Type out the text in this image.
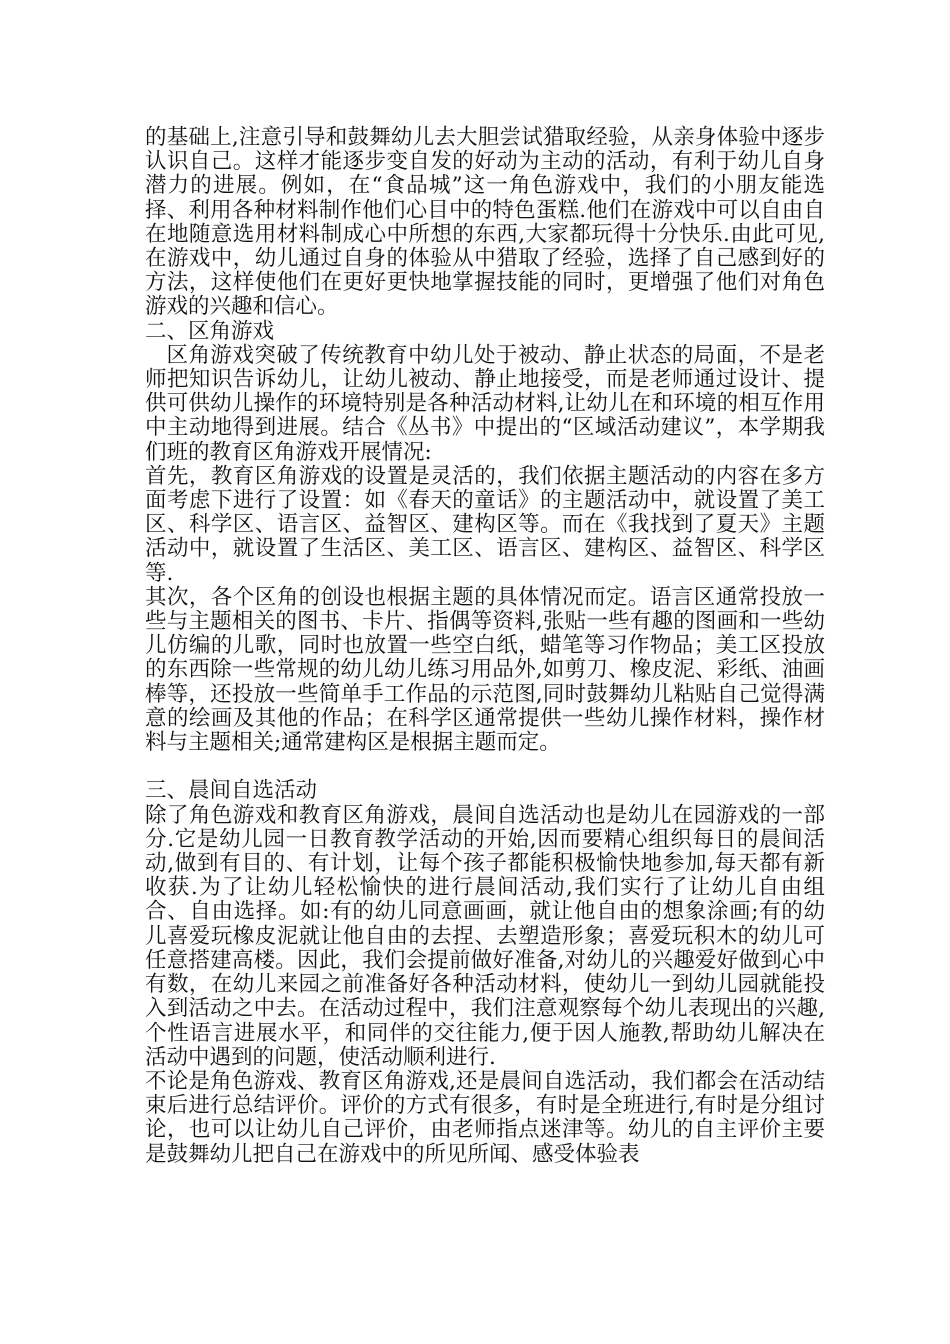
的基础上,注意引导和鼓舞幼儿去大胆尝试猎取经验，从亲身体验中逐步认识自己。这样才能逐步变自发的好动为主动的活动，有利于幼儿自身潜力的进展。例如，在“食品城”这一角色游戏中，我们的小朋友能选择、利用各种材料制作他们心目中的特色蛋糕.他们在游戏中可以自由自在地随意选用材料制成心中所想的东西,大家都玩得十分快乐.由此可见,在游戏中，幼儿通过自身的体验从中猎取了经验，选择了自己感到好的方法，这样使他们在更好更快地掌握技能的同时，更增强了他们对角色游戏的兴趣和信心。

二、区角游戏

区角游戏突破了传统教育中幼儿处于被动、静止状态的局面，不是老师把知识告诉幼儿，让幼儿被动、静止地接受，而是老师通过设计、提供可供幼儿操作的环境特别是各种活动材料,让幼儿在和环境的相互作用中主动地得到进展。结合《丛书》中提出的“区域活动建议”，本学期我们班的教育区角游戏开展情况:

首先，教育区角游戏的设置是灵活的，我们依据主题活动的内容在多方面考虑下进行了设置：如《春天的童话》的主题活动中，就设置了美工区、科学区、语言区、益智区、建构区等。而在《我找到了夏天》主题活动中，就设置了生活区、美工区、语言区、建构区、益智区、科学区等.

其次，各个区角的创设也根据主题的具体情况而定。语言区通常投放一些与主题相关的图书、卡片、指偶等资料,张贴一些有趣的图画和一些幼儿仿编的儿歌，同时也放置一些空白纸，蜡笔等习作物品；美工区投放的东西除一些常规的幼儿幼儿练习用品外,如剪刀、橡皮泥、彩纸、油画棒等，还投放一些简单手工作品的示范图,同时鼓舞幼儿粘贴自己觉得满意的绘画及其他的作品；在科学区通常提供一些幼儿操作材料，操作材料与主题相关;通常建构区是根据主题而定。

三、晨间自选活动

除了角色游戏和教育区角游戏，晨间自选活动也是幼儿在园游戏的一部分.它是幼儿园一日教育教学活动的开始,因而要精心组织每日的晨间活动,做到有目的、有计划，让每个孩子都能积极愉快地参加,每天都有新收获.为了让幼儿轻松愉快的进行晨间活动,我们实行了让幼儿自由组合、自由选择。如:有的幼儿同意画画，就让他自由的想象涂画;有的幼儿喜爱玩橡皮泥就让他自由的去捏、去塑造形象；喜爱玩积木的幼儿可任意搭建高楼。因此，我们会提前做好准备,对幼儿的兴趣爱好做到心中有数，在幼儿来园之前准备好各种活动材料，使幼儿一到幼儿园就能投入到活动之中去。在活动过程中，我们注意观察每个幼儿表现出的兴趣,个性语言进展水平，和同伴的交往能力,便于因人施教,帮助幼儿解决在活动中遇到的问题，使活动顺利进行.

不论是角色游戏、教育区角游戏,还是晨间自选活动，我们都会在活动结束后进行总结评价。评价的方式有很多，有时是全班进行,有时是分组讨论，也可以让幼儿自己评价，由老师指点迷津等。幼儿的自主评价主要是鼓舞幼儿把自己在游戏中的所见所闻、感受体验表
